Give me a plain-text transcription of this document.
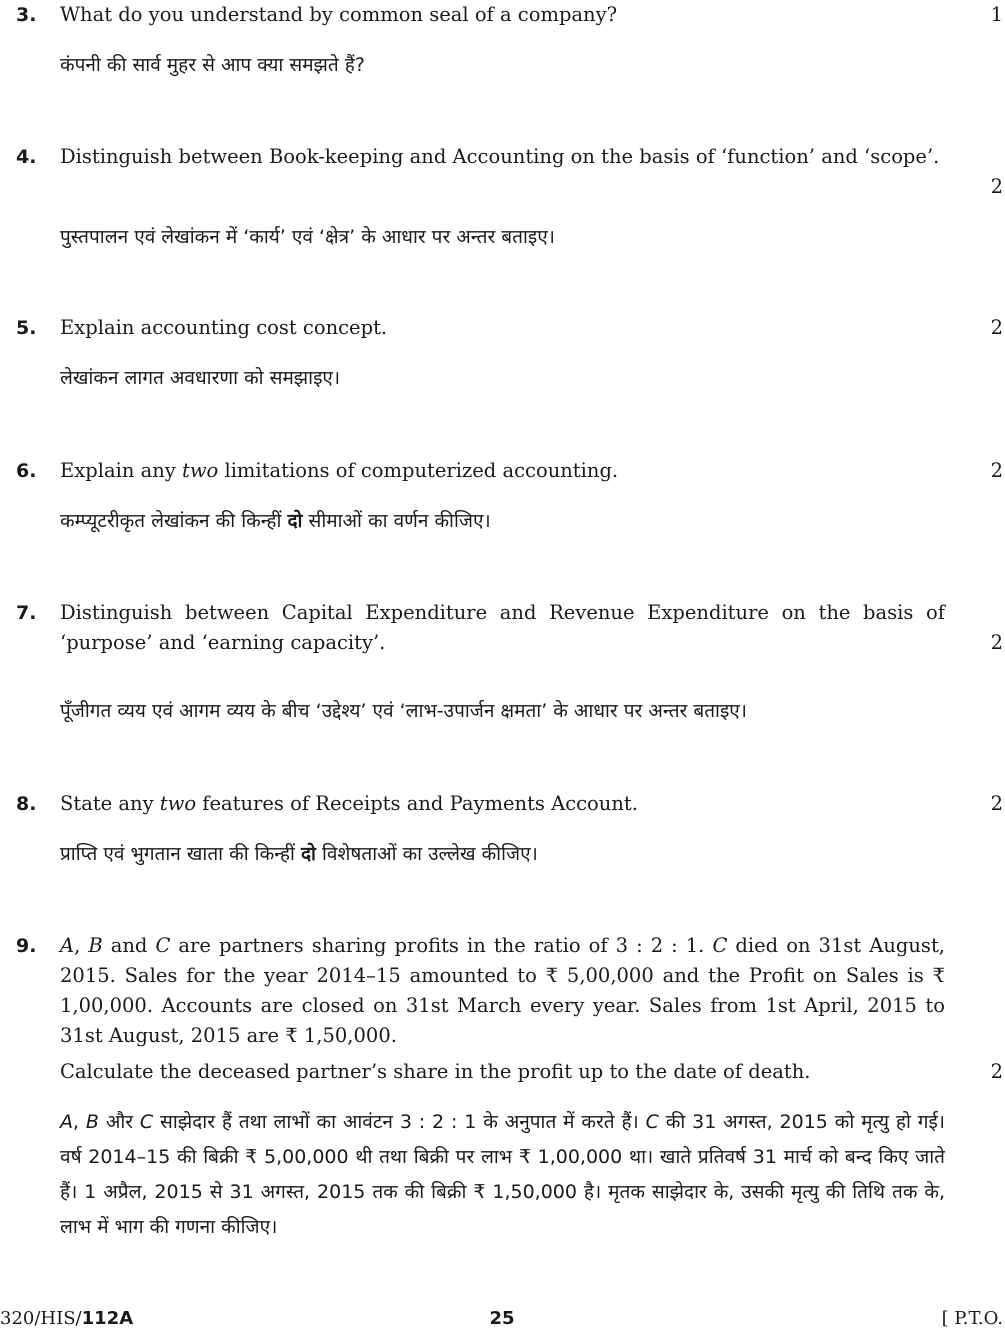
3. What do you understand by common seal of a company?	1
कंपनी की सार्व मुहर से आप क्या समझते हैं?
4. Distinguish between Book-keeping and Accounting on the basis of ‘function’ and ‘scope’.
2
पुस्तपालन एवं लेखांकन में ‘कार्य’ एवं ‘क्षेत्र’ के आधार पर अन्तर बताइए।
5. Explain accounting cost concept.	2
लेखांकन लागत अवधारणा को समझाइए।
6. Explain any two limitations of computerized accounting.	2
कम्प्यूटरीकृत लेखांकन की किन्हीं दो सीमाओं का वर्णन कीजिए।
7. Distinguish between Capital Expenditure and Revenue Expenditure on the basis of ‘purpose’ and ‘earning capacity’.	2
पूँजीगत व्यय एवं आगम व्यय के बीच ‘उद्देश्य’ एवं ‘लाभ-उपार्जन क्षमता’ के आधार पर अन्तर बताइए।
8. State any two features of Receipts and Payments Account.	2
प्राप्ति एवं भुगतान खाता की किन्हीं दो विशेषताओं का उल्लेख कीजिए।
9. A, B and C are partners sharing profits in the ratio of 3 : 2 : 1. C died on 31st August, 2015. Sales for the year 2014–15 amounted to ₹ 5,00,000 and the Profit on Sales is ₹ 1,00,000. Accounts are closed on 31st March every year. Sales from 1st April, 2015 to 31st August, 2015 are ₹ 1,50,000.
Calculate the deceased partner’s share in the profit up to the date of death.	2
A, B और C साझेदार हैं तथा लाभों का आवंटन 3 : 2 : 1 के अनुपात में करते हैं। C की 31 अगस्त, 2015 को मृत्यु हो गई। वर्ष 2014–15 की बिक्री ₹ 5,00,000 थी तथा बिक्री पर लाभ ₹ 1,00,000 था। खाते प्रतिवर्ष 31 मार्च को बन्द किए जाते हैं। 1 अप्रैल, 2015 से 31 अगस्त, 2015 तक की बिक्री ₹ 1,50,000 है। मृतक साझेदार के, उसकी मृत्यु की तिथि तक के, लाभ में भाग की गणना कीजिए।
320/HIS/112A	25	[ P.T.O.
